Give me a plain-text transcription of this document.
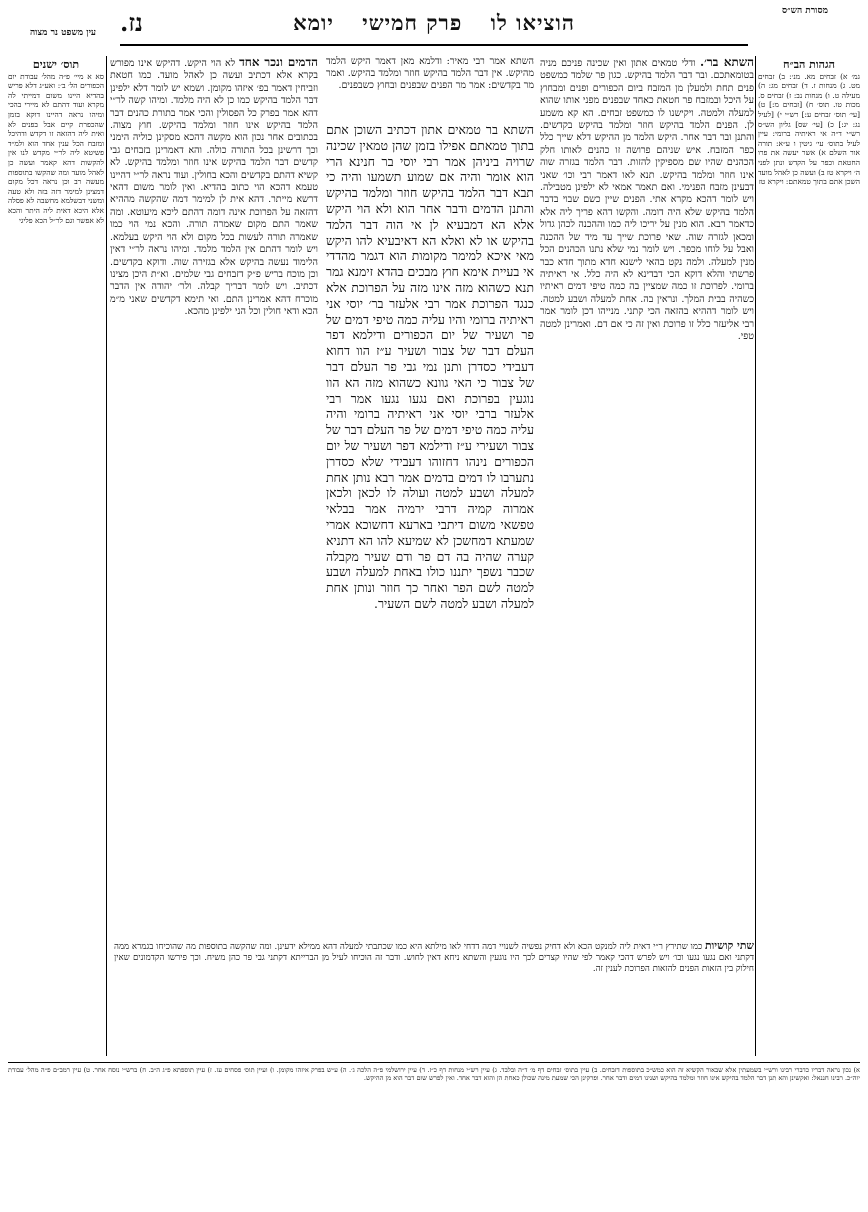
מסורת הש״ס
הוציאו לו פרק חמישי יומא
נז.
עין משפט נר מצוה
הגהות הב״ח
גמ׳ א) זבחים מא. מנ׳: ב) זבחים מט. ג) מנחות ז. ד) זבחים מג: ה) מעילה ט. ו) מנחות נב: ז) זבחים ס. מכות טו. תוס׳ ח) [זבחים מ:] ט) [עי׳ תוס׳ זבחים ע:] רש״י י) [לעיל נג: יג:] כ) [עי׳ שס] גליון הש״ס רש״י ד״ה אי ראיתיה ברומי: עיין לעיל בתוס׳ עי׳ גיטין ו ע״א: תורה אור השלם א) אשר יעשה את פרו החטאת וכפר על הקדש ונתן לפני ה׳ ויקרא טז ב) ועשה כן לאהל מועד השכן אתם בתוך טמאתם: ויקרא טז
תוס׳ ישנים
סא א מיי׳ פ״ה מהל׳ עבודת יום הכפורים הל׳ ב׳: ואע״ג דלא פריש בהדיא היינו משום דמייתי לה מקרא ועוד דהתם לא מיירי בהכי ומיהו נראה דהיינו דוקא בזמן שהכפרת קיים אבל בפנים לא ואית ליה דהזאה זו דקדש ודהיכל ומזבח הכל ענין אחד הוא ולמ״ד פשיטא ליה לר״י מקדש לנו אין להקשות דהא קאמר ועשה כן לאהל מועד ומה שהקשו בתוספות מעשה רב וכן נראה דכל מקום דמצינן למימר דזה בזה ולא טעה ומשני דבשלמא מחשבה לא פסלה אלא היכא דאית ליה היתר והכא לא אפשר וגם לר״ל הכא פליגי
השתא בר׳. ודלי טמאים אתון ואין שכינה פניכם מניה בטומאתכם. ובר דבר הלמד בהיקש. כגון פר שלמד כמשפט פנים תחת ולמעלן מן המזבח ביום הכפורים ופנים ומבחוץ על היכל ובמזבח פר חטאת כאחד שבפנים מפני אותו שהוא למעלה ולמטה. ויקישנו לו כמשפט זבחים. הא קא משמע לן. הפנים הלמד בהיקש חוזר ומלמד בהיקש בקדשים. והתנן ובר דבר אחר. היקש הלמד מן ההיקש דלא שייך כלל כפר המזבח. איש שניהם פרושה זו כהנים לאותו חלק הכהנים שהיו שם מספיקין להזות. דבר הלמד בגזרה שוה אינו חוזר ומלמד בהיקש. תנא לאו דאמר רבי וכו׳ שאני דבעינן מזבח הפנימי. ואם תאמר אמאי לא ילפינן מטבילה. ויש לומר דהכא מקרא אתי. הפנים שיין כשם שבוי בדבר הלמד בהיקש שלא היה דומה. והקשו דהא פריך ליה אלא כדאמר רבא. הוא מנין על יריכו ליה כמו וההכנה לכהן גדול ומכאן לגזרה שוה. שאי פרוכת שייך עד מיד של ההכנה ואבל על לוחו מכפר. ויש לומר נמי שלא נתנו הכהנים הכל מנין למעלה. ולמה נקט בהאי לישנא חדא מתוך חדא כבר פרשתי והלא דוקא הכי דבדינא לא היה כלל. אי ראיתיה ברומי. לפרוכת זו כמה שמציין בה כמה טיפי דמים ראיתיו כשהיה בבית המלך. ונראין בה. אחת למעלה ושבע למטה. ויש לומר דההיא בהזאה הכי קתני. מנייהו דכן לומר אמר רבי אליעזר כלל זו פרוכת ואין זה כי אם דם. ואמרינן למטה טפי.
הדמים ונכר אחד לא הוי היקש. דהיקש אינו מפורש בקרא אלא דכתיב ועשה כן לאהל מועד. כמו חטאת וזביחין דאמר בפ׳ איזהו מקומן. ושמא יש לומר דלא ילפינן דבר הלמד בהיקש כמו כן לא היה מלמד. ומיהו קשה לר״י דהא אמר בפרק כל הפסולין והכי אמר בתורת כהנים דבר הלמד בהיקש אינו חוזר ומלמד בהיקש. חוץ מצוה. בכתובים אחר נכון הוא מקשה דהכא מסקינן כוליה הימני וכך דרשינן בכל התורה כולה. והא דאמרינן בזבחים גבי קדשים דבר הלמד בהיקש אינו חוזר ומלמד בהיקש. לא קשיא דהתם בקדשים והכא בחולין. ועוד נראה לר״י דהיינו טעמא דהכא הוי כתוב בהדיא. ואין לומר משום דהאי דרשא מייתר. דהא אית לן למימר דמה שהקשה מההיא דהזאה על הפרוכת אינה דומה דהתם ליכא מיעוטא. ומה שאמר התם מקום שאמרה תורה. והכא נמי הוי כמו שאמרה תורה לעשות בכל מקום ולא הוי היקש בעלמא. ויש לומר דהתם אין הלמד מלמד. ומיהו נראה לר״י דאין הלימוד נעשה בהיקש אלא בגזירה שוה. ודוקא בקדשים. וכן מוכח בריש פ״ק דזבחים גבי שלמים. וא״ת היכן מצינו דכתיב. ויש לומר דבריך קבלה. ולר׳ יהודה אין הדבר מוכרח דהא אמרינן התם. ואי תימא דקדשים שאני מ״מ הכא ודאי חולין וכל הני ילפינן מהכא.
השתא אמר רבי מאיר: ודלמא מאן דאמר היקש הלמד מהיקש. אין דבר הלמד בהיקש חוזר ומלמד בהיקש. ואמר מר בקדשים: אמר מר הפנים שבפנים ובחוץ כשבפנים.
השתא בר טמאים אתון דכתיב השוכן אתם בתוך טמאתם אפילו בזמן שהן טמאין שכינה שרויה ביניהן אמר רבי יוסי בר חנינא הרי הוא אומר והיה אם שמוע תשמעו והיה כי תבא דבר הלמד בהיקש חוזר ומלמד בהיקש והתנן הדמים ודבר אחר הוא ולא הוי היקש אלא הא דמבעיא לן אי הוה דבר הלמד בהיקש או לא ואלא הא דאיבעיא להו היקש מאי איכא למימר מקומות הוא דגמר מהדדי אי בעיית אימא חוץ מבכים בהדא זימנא גמר תנא כשהוא מזה אינו מזה על הפרוכת אלא כנגד הפרוכת אמר רבי אלעזר בר׳ יוסי אני ראיתיה ברומי והיו עליה כמה טיפי דמים של פר ושעיר של יום הכפורים ודילמא דפר העלם דבר של צבור ושעיר ע״ז הוו דחוא דעבידי כסדרן ותנן נמי גבי פר העלם דבר של צבור כי האי גוונא כשהוא מזה הא הוו נוגעין בפרוכת ואם נגעו נגעו אמר רבי אלעזר ברבי יוסי אני ראיתיה ברומי והיה עליה כמה טיפי דמים של פר העלם דבר של צבור ושעירי ע״ז ודילמא דפר ושעיר של יום הכפורים נינהו דחזוהו דעבידי שלא כסדרן נתערבו לו דמים בדמים אמר רבא נותן אחת למעלה ושבע למטה ועולה לו לכאן ולכאן אמרוה קמיה דרבי ירמיה אמר בבלאי טפשאי משום דיתבי בארעא דחשוכא אמרי שמעתא דמחשכן לא שמיעא להו הא דתניא קערה שהיה בה דם פר ודם שעיר מקבלה שכבר נשפך יתננו כולו באחת למעלה ושבע למטה לשם הפר ואחר כך חוזר ונותן אחת למעלה ושבע למטה לשם השעיר.
שתי קושיות כמו שתירץ ר״י דאית ליה למנקט הכא ולא דחיק נפשיה לשנויי דמה דדחי לאו מילתא היא כמו שכתבתי למעלה דהא ממילא ידעינן. ומה שהקשה בתוספות מה שהוכיחו בגמרא ממה דקתני ואם נגעו נגעו וכו׳ ויש לפרש דהכי קאמר לפי שהיו קצרים לכך היו נוגעין והשתא ניחא דאין לחוש. ודבר זה הוכיחו לעיל מן הברייתא דקתני גבי פר כהן משיח. וכך פירשו הקדמונים שאין חילוק בין הזאות הפנים להזאות הפרוכת לענין זה.
א) נכון נראה דבריו כדברי רבינו ורש״י בשמעתין אלא שבאור הקשיא זה הוא כמש״כ בתוספות דזבחים. ב) עיין בתוס׳ זבחים דף מ׳ ד״ה ובלבד. ג) עיין רש״י מנחות דף כ״ז. ד) עיין ירושלמי פ״ה הלכה ג׳. ה) ע״ש בפרק איזהו מקומן. ו) ועיין תוס׳ פסחים עז. ז) עיין תוספתא פ״ג ה״ב. ח) ברש״י נוסח אחר. ט) עיין רמב״ם פ״ה מהל׳ עבודת יוה״כ. רבינו חננאל: ואקשינן והא תנן דבר הלמד בהיקש אינו חוזר ומלמד בהיקש ושנינו דמים ודבר אחר. ופרקינן הכי שמעת מינה שכולן כאחת הן והוא דבר אחד. ואין לפרש שום דבר הוא מן ההיקש.
